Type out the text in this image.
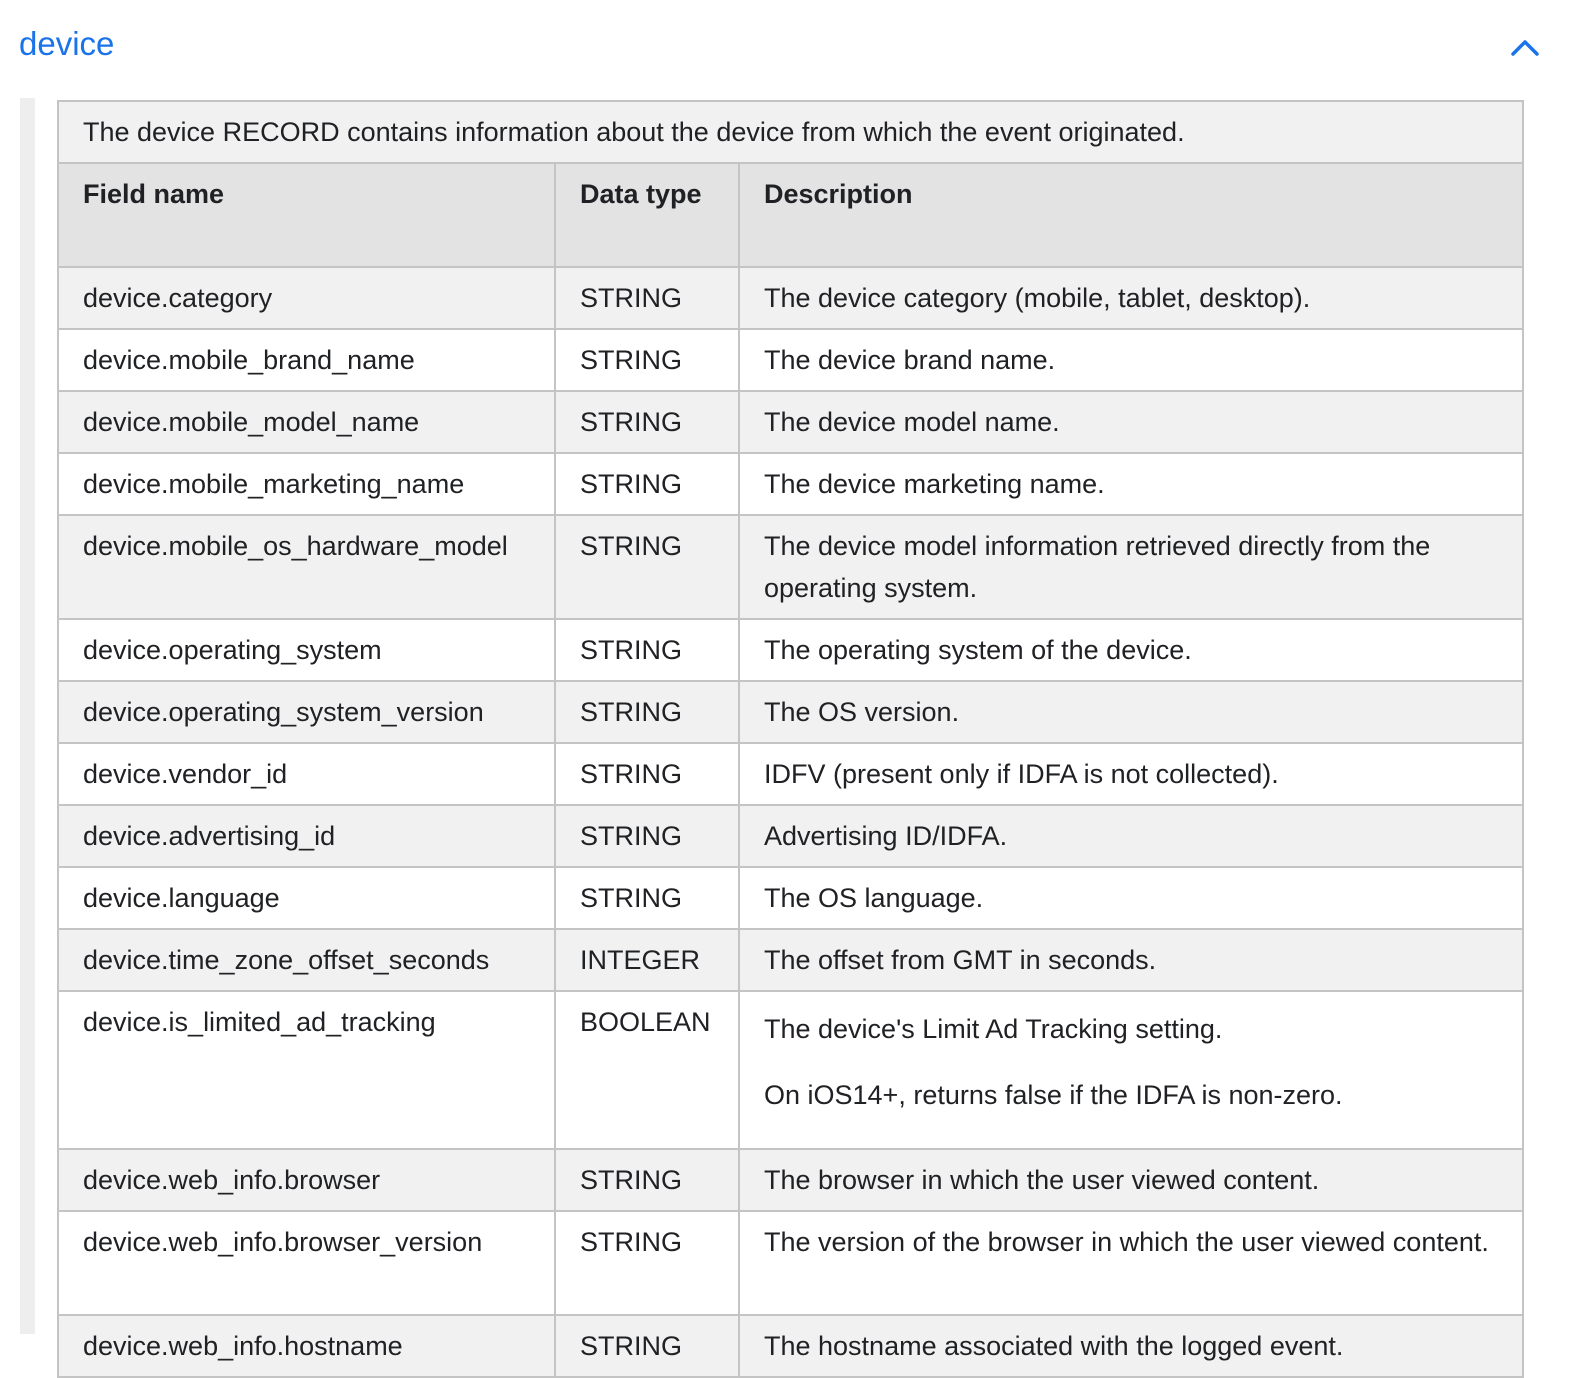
device
The device RECORD contains information about the device from which the event originated.		
Field name	Data type	Description
device.category	STRING	The device category (mobile, tablet, desktop).
device.mobile_brand_name	STRING	The device brand name.
device.mobile_model_name	STRING	The device model name.
device.mobile_marketing_name	STRING	The device marketing name.
device.mobile_os_hardware_model	STRING	The device model information retrieved directly from the operating system.
device.operating_system	STRING	The operating system of the device.
device.operating_system_version	STRING	The OS version.
device.vendor_id	STRING	IDFV (present only if IDFA is not collected).
device.advertising_id	STRING	Advertising ID/IDFA.
device.language	STRING	The OS language.
device.time_zone_offset_seconds	INTEGER	The offset from GMT in seconds.
device.is_limited_ad_tracking	BOOLEAN	The device's Limit Ad Tracking setting.
On iOS14+, returns false if the IDFA is non-zero.

device.web_info.browser	STRING	The browser in which the user viewed content.
device.web_info.browser_version	STRING	The version of the browser in which the user viewed content.
device.web_info.hostname	STRING	The hostname associated with the logged event.
